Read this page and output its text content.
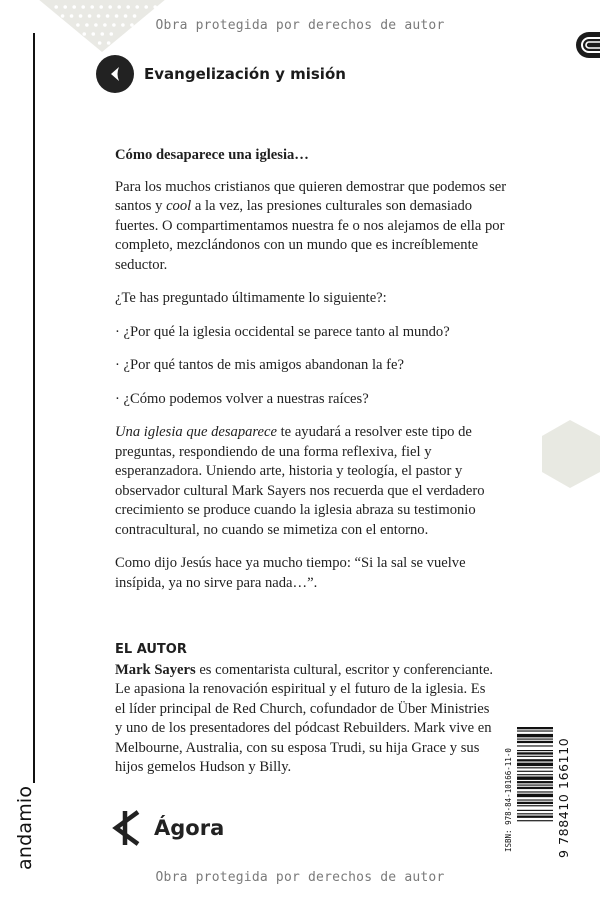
Obra protegida por derechos de autor
Evangelización y misión

Cómo desaparece una iglesia…

Para los muchos cristianos que quieren demostrar que podemos ser santos y cool a la vez, las presiones culturales son demasiado fuertes. O compartimentamos nuestra fe o nos alejamos de ella por completo, mezclándonos con un mundo que es increíblemente seductor.

¿Te has preguntado últimamente lo siguiente?:

· ¿Por qué la iglesia occidental se parece tanto al mundo?

· ¿Por qué tantos de mis amigos abandonan la fe?

· ¿Cómo podemos volver a nuestras raíces?

Una iglesia que desaparece te ayudará a resolver este tipo de preguntas, respondiendo de una forma reflexiva, fiel y esperanzadora. Uniendo arte, historia y teología, el pastor y observador cultural Mark Sayers nos recuerda que el verdadero crecimiento se produce cuando la iglesia abraza su testimonio contracultural, no cuando se mimetiza con el entorno.

Como dijo Jesús hace ya mucho tiempo: “Si la sal se vuelve insípida, ya no sirve para nada…”.

EL AUTOR
Mark Sayers es comentarista cultural, escritor y conferenciante. Le apasiona la renovación espiritual y el futuro de la iglesia. Es el líder principal de Red Church, cofundador de Über Ministries y uno de los presentadores del pódcast Rebuilders. Mark vive en Melbourne, Australia, con su esposa Trudi, su hija Grace y sus hijos gemelos Hudson y Billy.
andamio	Ágora	ISBN: 978-84-10166-11-0	9 788410 166110
Obra protegida por derechos de autor
